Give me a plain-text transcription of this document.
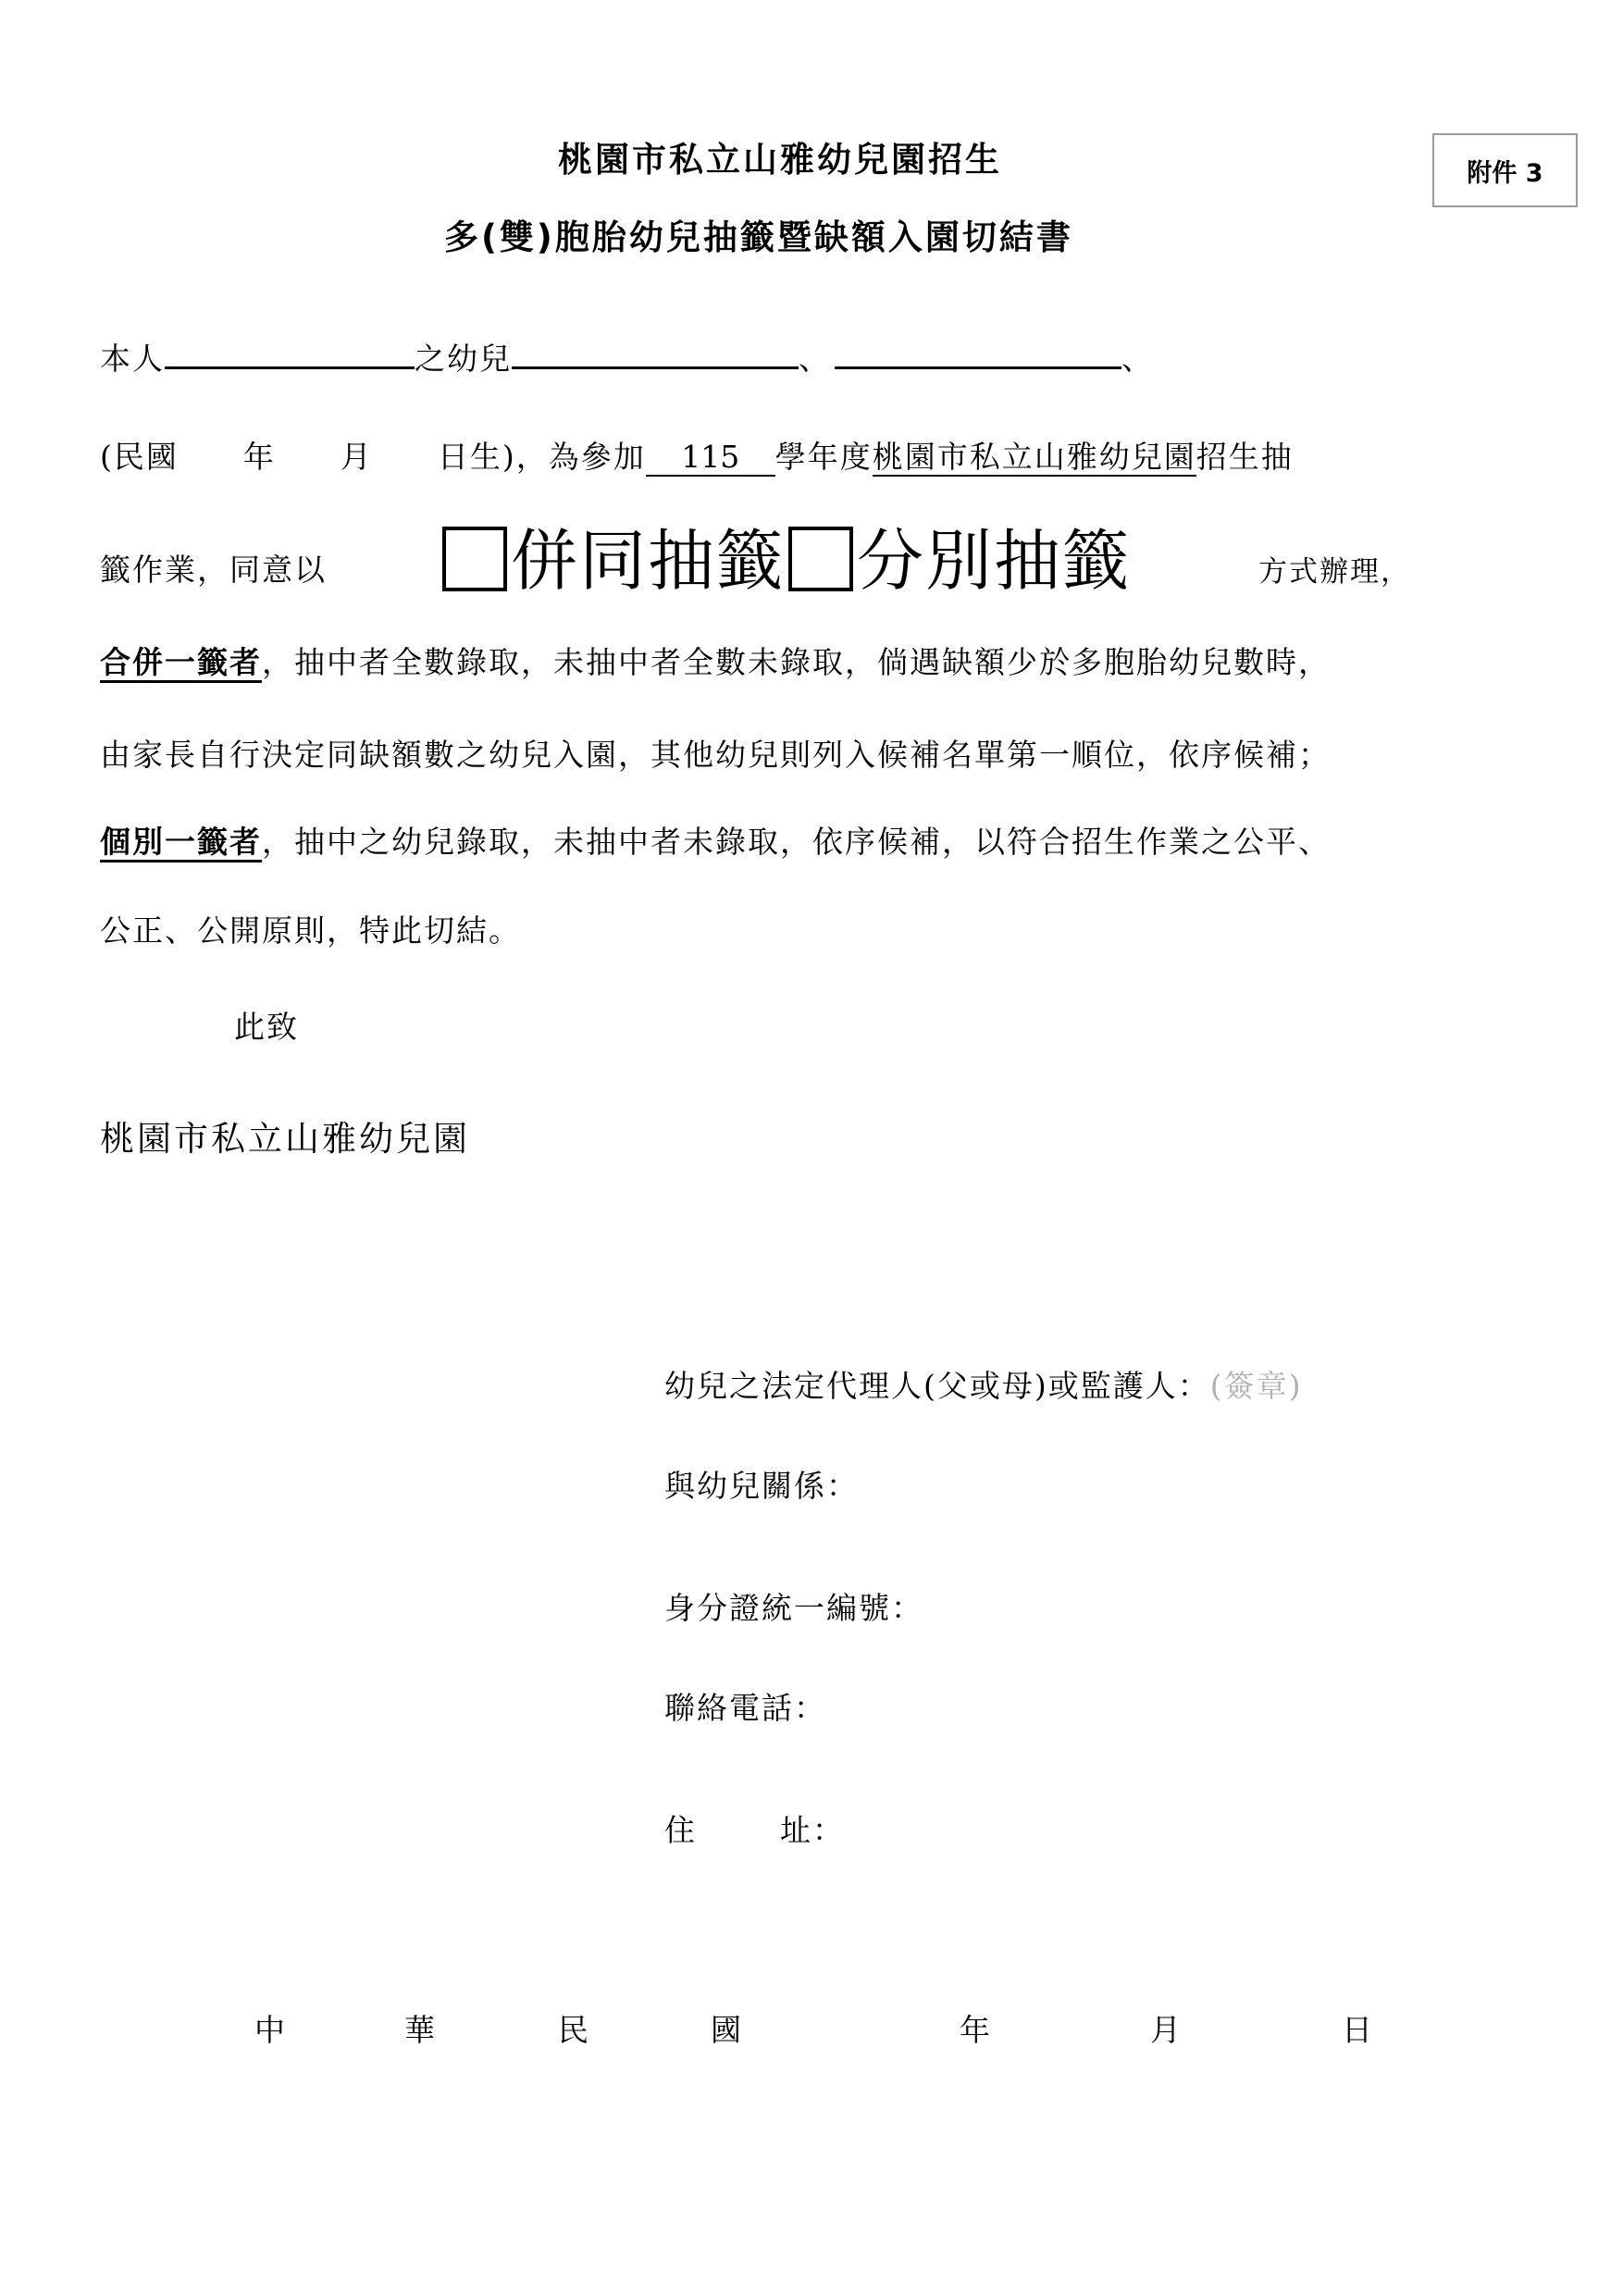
桃園市私立山雅幼兒園招生
多(雙)胞胎幼兒抽籤暨缺額入園切結書
附件 3
本人	之幼兒	、	、
(民國　　年　　月　　日生)，為參加 115 學年度桃園市私立山雅幼兒園招生抽
籤作業，同意以	併同抽籤 分別抽籤	方式辦理，
合併一籤者，抽中者全數錄取，未抽中者全數未錄取，倘遇缺額少於多胞胎幼兒數時，
由家長自行決定同缺額數之幼兒入園，其他幼兒則列入候補名單第一順位，依序候補；
個別一籤者，抽中之幼兒錄取，未抽中者未錄取，依序候補，以符合招生作業之公平、
公正、公開原則，特此切結。
此致
桃園市私立山雅幼兒園
幼兒之法定代理人(父或母)或監護人：(簽章)
與幼兒關係：
身分證統一編號：
聯絡電話：
住	址：
中	華	民	國	年	月	日
